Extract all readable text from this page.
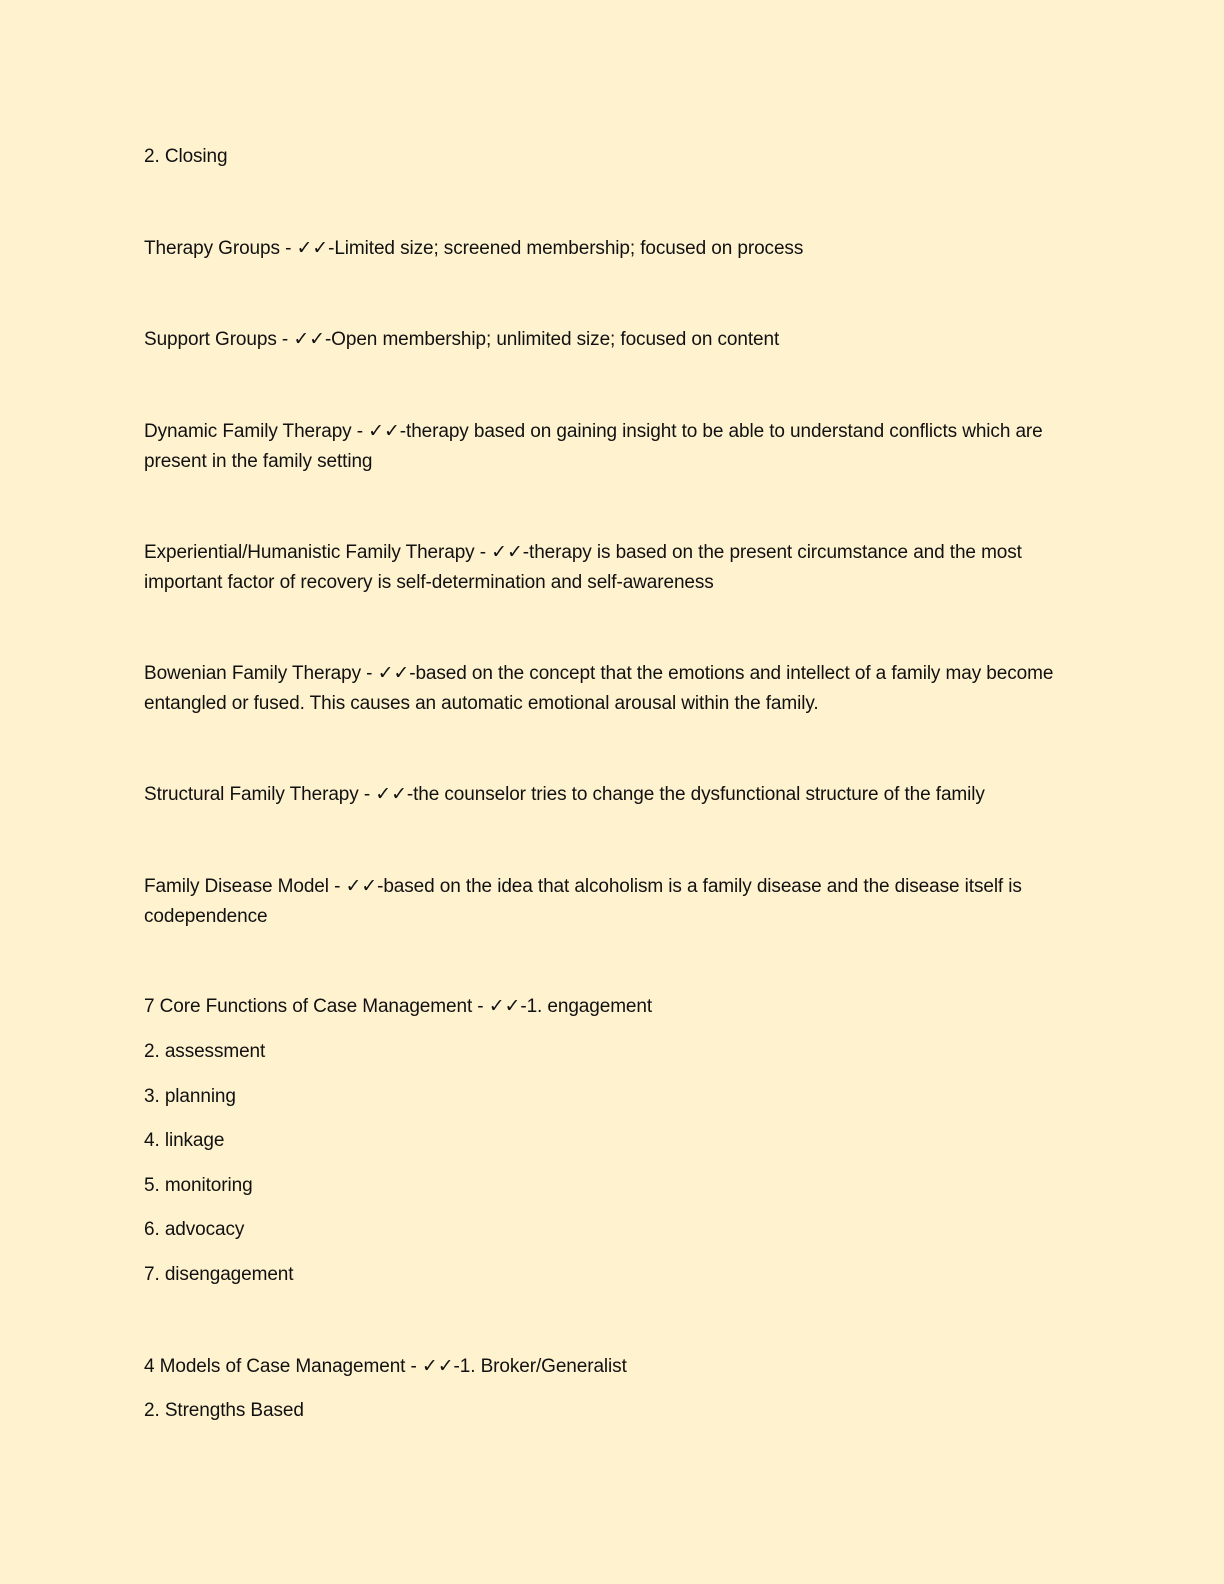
2. Closing
Therapy Groups - ✓✓-Limited size; screened membership; focused on process
Support Groups - ✓✓-Open membership; unlimited size; focused on content
Dynamic Family Therapy - ✓✓-therapy based on gaining insight to be able to understand conflicts which are present in the family setting
Experiential/Humanistic Family Therapy - ✓✓-therapy is based on the present circumstance and the most important factor of recovery is self-determination and self-awareness
Bowenian Family Therapy - ✓✓-based on the concept that the emotions and intellect of a family may become entangled or fused. This causes an automatic emotional arousal within the family.
Structural Family Therapy - ✓✓-the counselor tries to change the dysfunctional structure of the family
Family Disease Model - ✓✓-based on the idea that alcoholism is a family disease and the disease itself is codependence
7 Core Functions of Case Management - ✓✓-1. engagement
2. assessment
3. planning
4. linkage
5. monitoring
6. advocacy
7. disengagement
4 Models of Case Management - ✓✓-1. Broker/Generalist
2. Strengths Based
